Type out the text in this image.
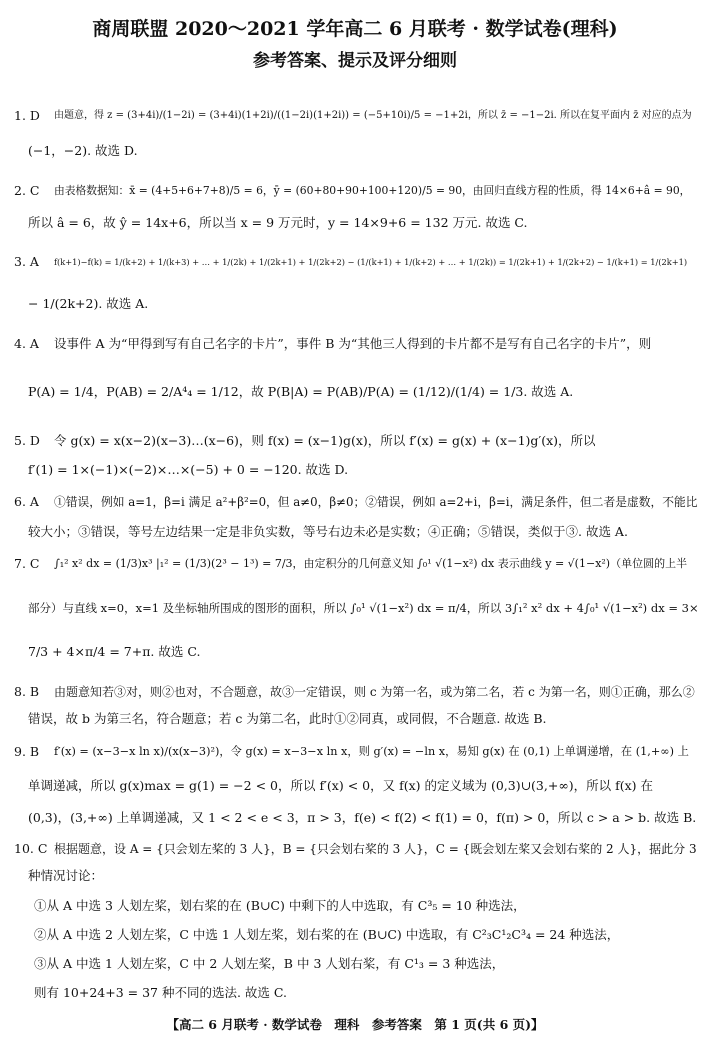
商周联盟 2020～2021 学年高二 6 月联考 · 数学试卷(理科)
参考答案、提示及评分细则
1. D 由题意，得 z = (3+4i)/(1−2i) = (3+4i)(1+2i)/((1−2i)(1+2i)) = (−5+10i)/5 = −1+2i，所以 z̄ = −1−2i. 所以在复平面内 z̄ 对应的点为
(−1，−2). 故选 D.
2. C 由表格数据知：x̄ = (4+5+6+7+8)/5 = 6，ȳ = (60+80+90+100+120)/5 = 90，由回归直线方程的性质，得 14×6+â = 90，
所以 â = 6，故 ŷ = 14x+6，所以当 x = 9 万元时，y = 14×9+6 = 132 万元. 故选 C.
3. A f(k+1)−f(k) = 1/(k+2) + 1/(k+3) + … + 1/(2k) + 1/(2k+1) + 1/(2k+2) − (1/(k+1) + 1/(k+2) + … + 1/(2k)) = 1/(2k+1) + 1/(2k+2) − 1/(k+1) = 1/(2k+1)
− 1/(2k+2). 故选 A.
4. A 设事件 A 为“甲得到写有自己名字的卡片”，事件 B 为“其他三人得到的卡片都不是写有自己名字的卡片”，则
P(A) = 1/4，P(AB) = 2/A⁴₄ = 1/12，故 P(B|A) = P(AB)/P(A) = (1/12)/(1/4) = 1/3. 故选 A.
5. D 令 g(x) = x(x−2)(x−3)…(x−6)，则 f(x) = (x−1)g(x)，所以 f′(x) = g(x) + (x−1)g′(x)，所以
f′(1) = 1×(−1)×(−2)×…×(−5) + 0 = −120. 故选 D.
6. A ①错误，例如 a=1，β=i 满足 a²+β²=0，但 a≠0，β≠0；②错误，例如 a=2+i，β=i，满足条件，但二者是虚数，不能比
较大小；③错误，等号左边结果一定是非负实数，等号右边未必是实数；④正确；⑤错误，类似于③. 故选 A.
7. C ∫₁² x² dx = (1/3)x³ |₁² = (1/3)(2³ − 1³) = 7/3，由定积分的几何意义知 ∫₀¹ √(1−x²) dx 表示曲线 y = √(1−x²)（单位圆的上半
部分）与直线 x=0，x=1 及坐标轴所围成的图形的面积，所以 ∫₀¹ √(1−x²) dx = π/4，所以 3∫₁² x² dx + 4∫₀¹ √(1−x²) dx = 3×
7/3 + 4×π/4 = 7+π. 故选 C.
8. B 由题意知若③对，则②也对，不合题意，故③一定错误，则 c 为第一名，或为第二名，若 c 为第一名，则①正确，那么②
错误，故 b 为第三名，符合题意；若 c 为第二名，此时①②同真，或同假，不合题意. 故选 B.
9. B f′(x) = (x−3−x ln x)/(x(x−3)²)，令 g(x) = x−3−x ln x，则 g′(x) = −ln x，易知 g(x) 在 (0,1) 上单调递增，在 (1,+∞) 上
单调递减，所以 g(x)max = g(1) = −2 < 0，所以 f′(x) < 0，又 f(x) 的定义域为 (0,3)∪(3,+∞)，所以 f(x) 在
(0,3)，(3,+∞) 上单调递减，又 1 < 2 < e < 3，π > 3，f(e) < f(2) < f(1) = 0，f(π) > 0，所以 c > a > b. 故选 B.
10. C 根据题意，设 A = {只会划左桨的 3 人}，B = {只会划右桨的 3 人}，C = {既会划左桨又会划右桨的 2 人}，据此分 3
种情况讨论：
①从 A 中选 3 人划左桨，划右桨的在 (B∪C) 中剩下的人中选取，有 C³₅ = 10 种选法，
②从 A 中选 2 人划左桨，C 中选 1 人划左桨，划右桨的在 (B∪C) 中选取，有 C²₃C¹₂C³₄ = 24 种选法，
③从 A 中选 1 人划左桨，C 中 2 人划左桨，B 中 3 人划右桨，有 C¹₃ = 3 种选法，
则有 10+24+3 = 37 种不同的选法. 故选 C.
【高二 6 月联考 · 数学试卷　理科　参考答案　第 1 页(共 6 页)】
